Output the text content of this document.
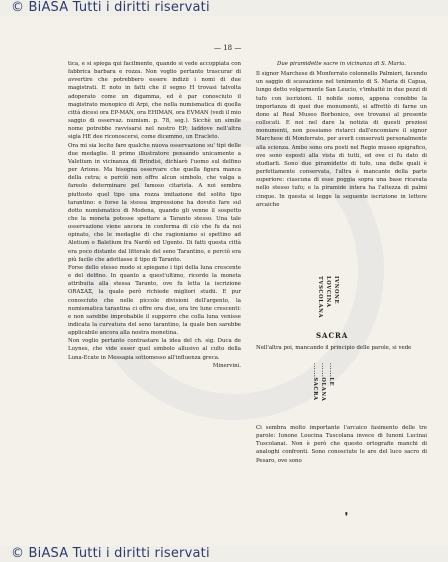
© BiASA Tutti i diritti riservati
— 18 —

tica, e si spiega qui facilmente, quando si vede accoppiata con fabbrica barbara e rozza. Non voglio pertanto trascurar di avvertire che potrebbero essere indizii i nomi di due magistrati. E noto in fatti che il segno H trovasi talvolta adoperato come un digamma, ed è par conosciuto il magistrato monopico di Arpi, che nella numismatica di quella città dicesi ora EP-MAN, ora EHIMAN, ora EVMAN (vedi il mio saggio di osservaz. numism. p. 78, seg.). Sicchè un simile nome potrebbe ravvisarsi nel nostro EP; laddove nell'altra sigla HE dee riconoscersi, come dicemmo, un Eracleto.

Ora mi sia lecito fare qualche nuova osservazione su' tipi delle due medaglie. Il primo illustratore pensando unicamente a Valetium in vicinanza di Brindisi, dichiarò l'uomo sul delfino per Arione. Ma bisogna osservare che quella figura manca della cetra; e perciò non offre alcun simbolo, che valga a fareolo determinare pel famoso citarista. A noi sembra piuttosto quel tipo una rozza imitazione del solito tipo tarantino: e forse la stessa impressione ha dovuto fare sul dotto numismatico di Modena, quando gli venne il sospetto che la moneta potesse spettare a Taranto stesso. Una tale osservazione viene ancora in conferma di ciò che fu da noi opinato, che le medaglie di che ragioniamo si spettino ad Aletium o Baletium fra Nardò ed Ugento. Di fatti questa città era poco distante dal littorale del seno Tarantino, e perciò era più facile che adottasse il tipo di Taranto.

Forse dello stesso modo si spiegano i tipi della luna crescente e del delfino. In quanto a quest'ultimo, ricordo la moneta attribuita alla stessa Taranto, ove fu letta la iscrizione ORAΣAΣ, la quale però richiede migliori studii. E pur conosciuto che nelle piccole divisioni dell'argento, la numismatica tarantina ci offre ora due, ora tre lune crescenti: e non sarebbe improbabile il supporre che colla luna venisse indicata la curvatura del seno tarantino, la quale ben sarebbe applicabile ancora alla nostra monetina.

Non voglio pertanto contrastare la idea del ch. sig. Duca de Luynes, che vide esser quel simbolo allusivo al culto della Luna-Ecate in Messapia sottomesso all'influenza greca.

Minervini.

Due piramidette sacre in vicinanza di S. Maria.

Il signor Marchese di Monferrato colonnello Palmieri, facendo un saggio di scavazione nel tenimento di S. Maria di Capua, lungo detto volgarmente San Leucio, v'imbattè in due pezzi di tufo con iscrizioni. Il nobile uomo, appena conobbe la importanza di quei due monumenti, si affrettò di farne un dono al Real Museo Borbonico, ove trovansi al presente collocati. E noi nel dare la notizia di questi preziosi monumenti, non possiamo ristarci dall'encomiare il signor Marchese di Monferrato, per averli conservati personalmente alla scienza. Ambo sono ora posti nel Regio museo epigrafico, ove sono esposti alla vista di tutti, ed ove ci fu dato di studiarli. Sono due piramidette di tufo, una delle quali è perfettamente conservata, l'altra è mancante della parte superiore: ciascuna di esse poggia sopra una base ricavata nello stesso tufo; e la piramide intera ha l'altezza di palmi cinque. In questa si legge la seguente iscrizione in lettere arcaiche

IVNONE
LOVCINA
TVSCOLANA
SACRA

Nell'altra poi, mancando il principio delle parole, si vede

......LE
......OLANA
......SACRA

Ci sembra molto importante l'arcaico fasimento delle tre parole: Iunone Loucina Tuscolana invece di Iunoni Lucinai Tuscolanai. Non è però che questo ortografie manchi di analoghi confronti. Sono conosciute le are del luco sacro di Pesaro, ove sono

❜
© BiASA Tutti i diritti riservati
